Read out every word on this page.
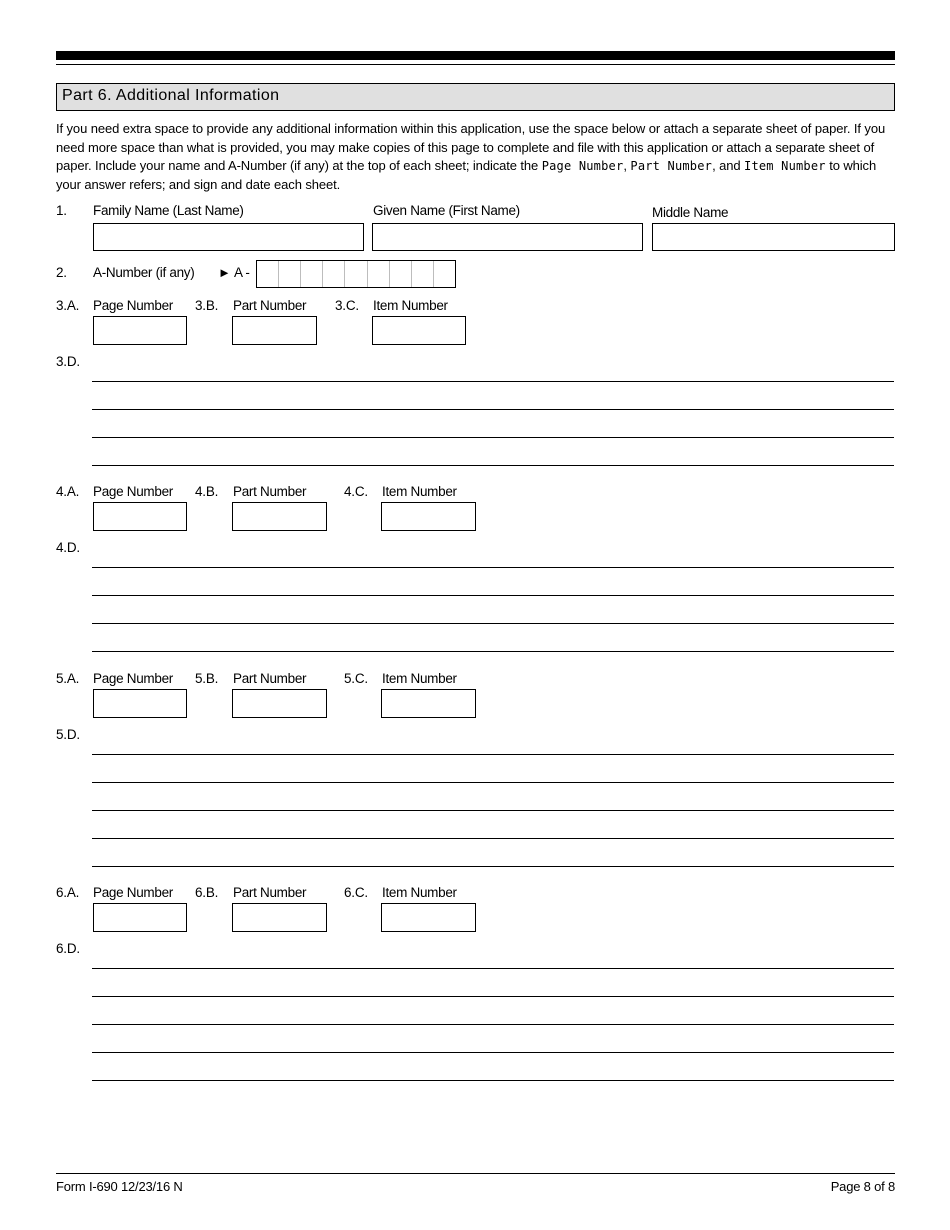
Part 6. Additional Information
If you need extra space to provide any additional information within this application, use the space below or attach a separate sheet of paper. If you need more space than what is provided, you may make copies of this page to complete and file with this application or attach a separate sheet of paper. Include your name and A-Number (if any) at the top of each sheet; indicate the Page Number, Part Number, and Item Number to which your answer refers; and sign and date each sheet.
1. Family Name (Last Name)	Given Name (First Name)	Middle Name
2. A-Number (if any) ► A -
3.A. Page Number 3.B. Part Number 3.C. Item Number
3.D.
4.A. Page Number 4.B. Part Number	4.C. Item Number
4.D.
5.A. Page Number 5.B. Part Number	5.C. Item Number
5.D.
6.A. Page Number 6.B. Part Number	6.C. Item Number
6.D.
Form I-690 12/23/16 N	Page 8 of 8
